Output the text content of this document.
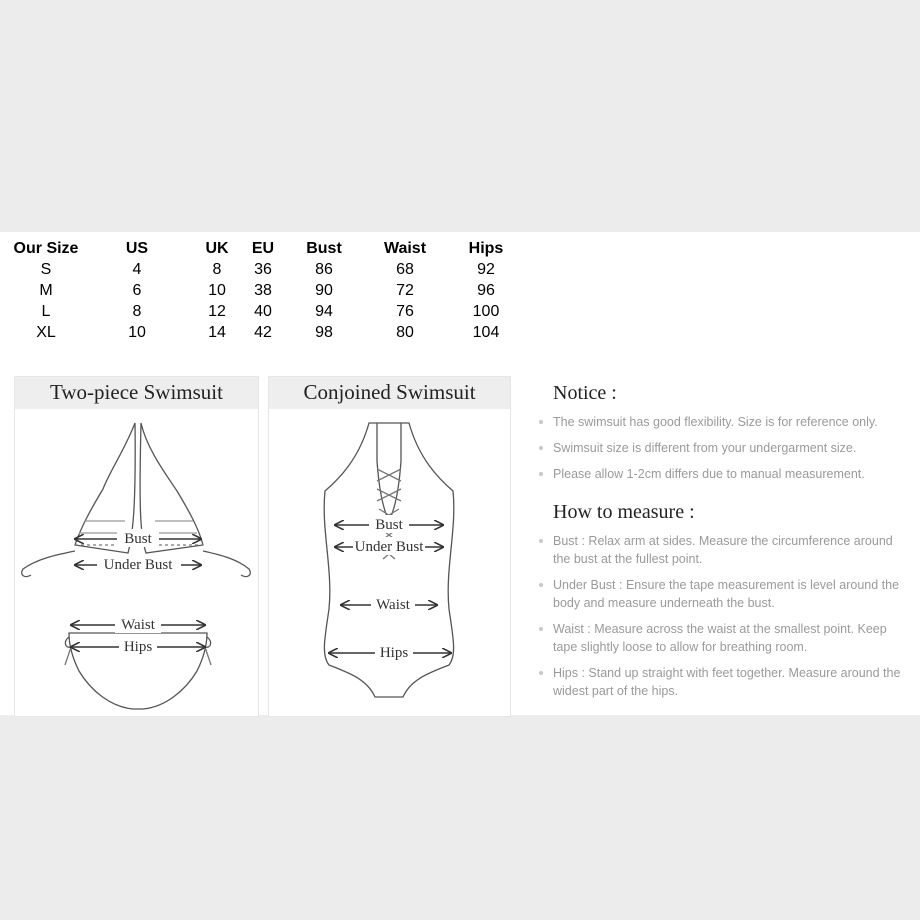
Our Size	US	UK	EU	Bust	Waist	Hips
S	4	8	36	86	68	92
M	6	10	38	90	72	96
L	8	12	40	94	76	100
XL	10	14	42	98	80	104
Two-piece Swimsuit
Bust
Under Bust
Waist
Hips
Conjoined Swimsuit
Bust
Under Bust
Waist
Hips
Notice :
The swimsuit has good flexibility. Size is for reference only.
Swimsuit size is different from your undergarment size.
Please allow 1-2cm differs due to manual measurement.
How to measure :
Bust : Relax arm at sides. Measure the circumference around the bust at the fullest point.
Under Bust : Ensure the tape measurement is level around the body and measure underneath the bust.
Waist : Measure across the waist at the smallest point. Keep tape slightly loose to allow for breathing room.
Hips : Stand up straight with feet together. Measure around the widest part of the hips.
